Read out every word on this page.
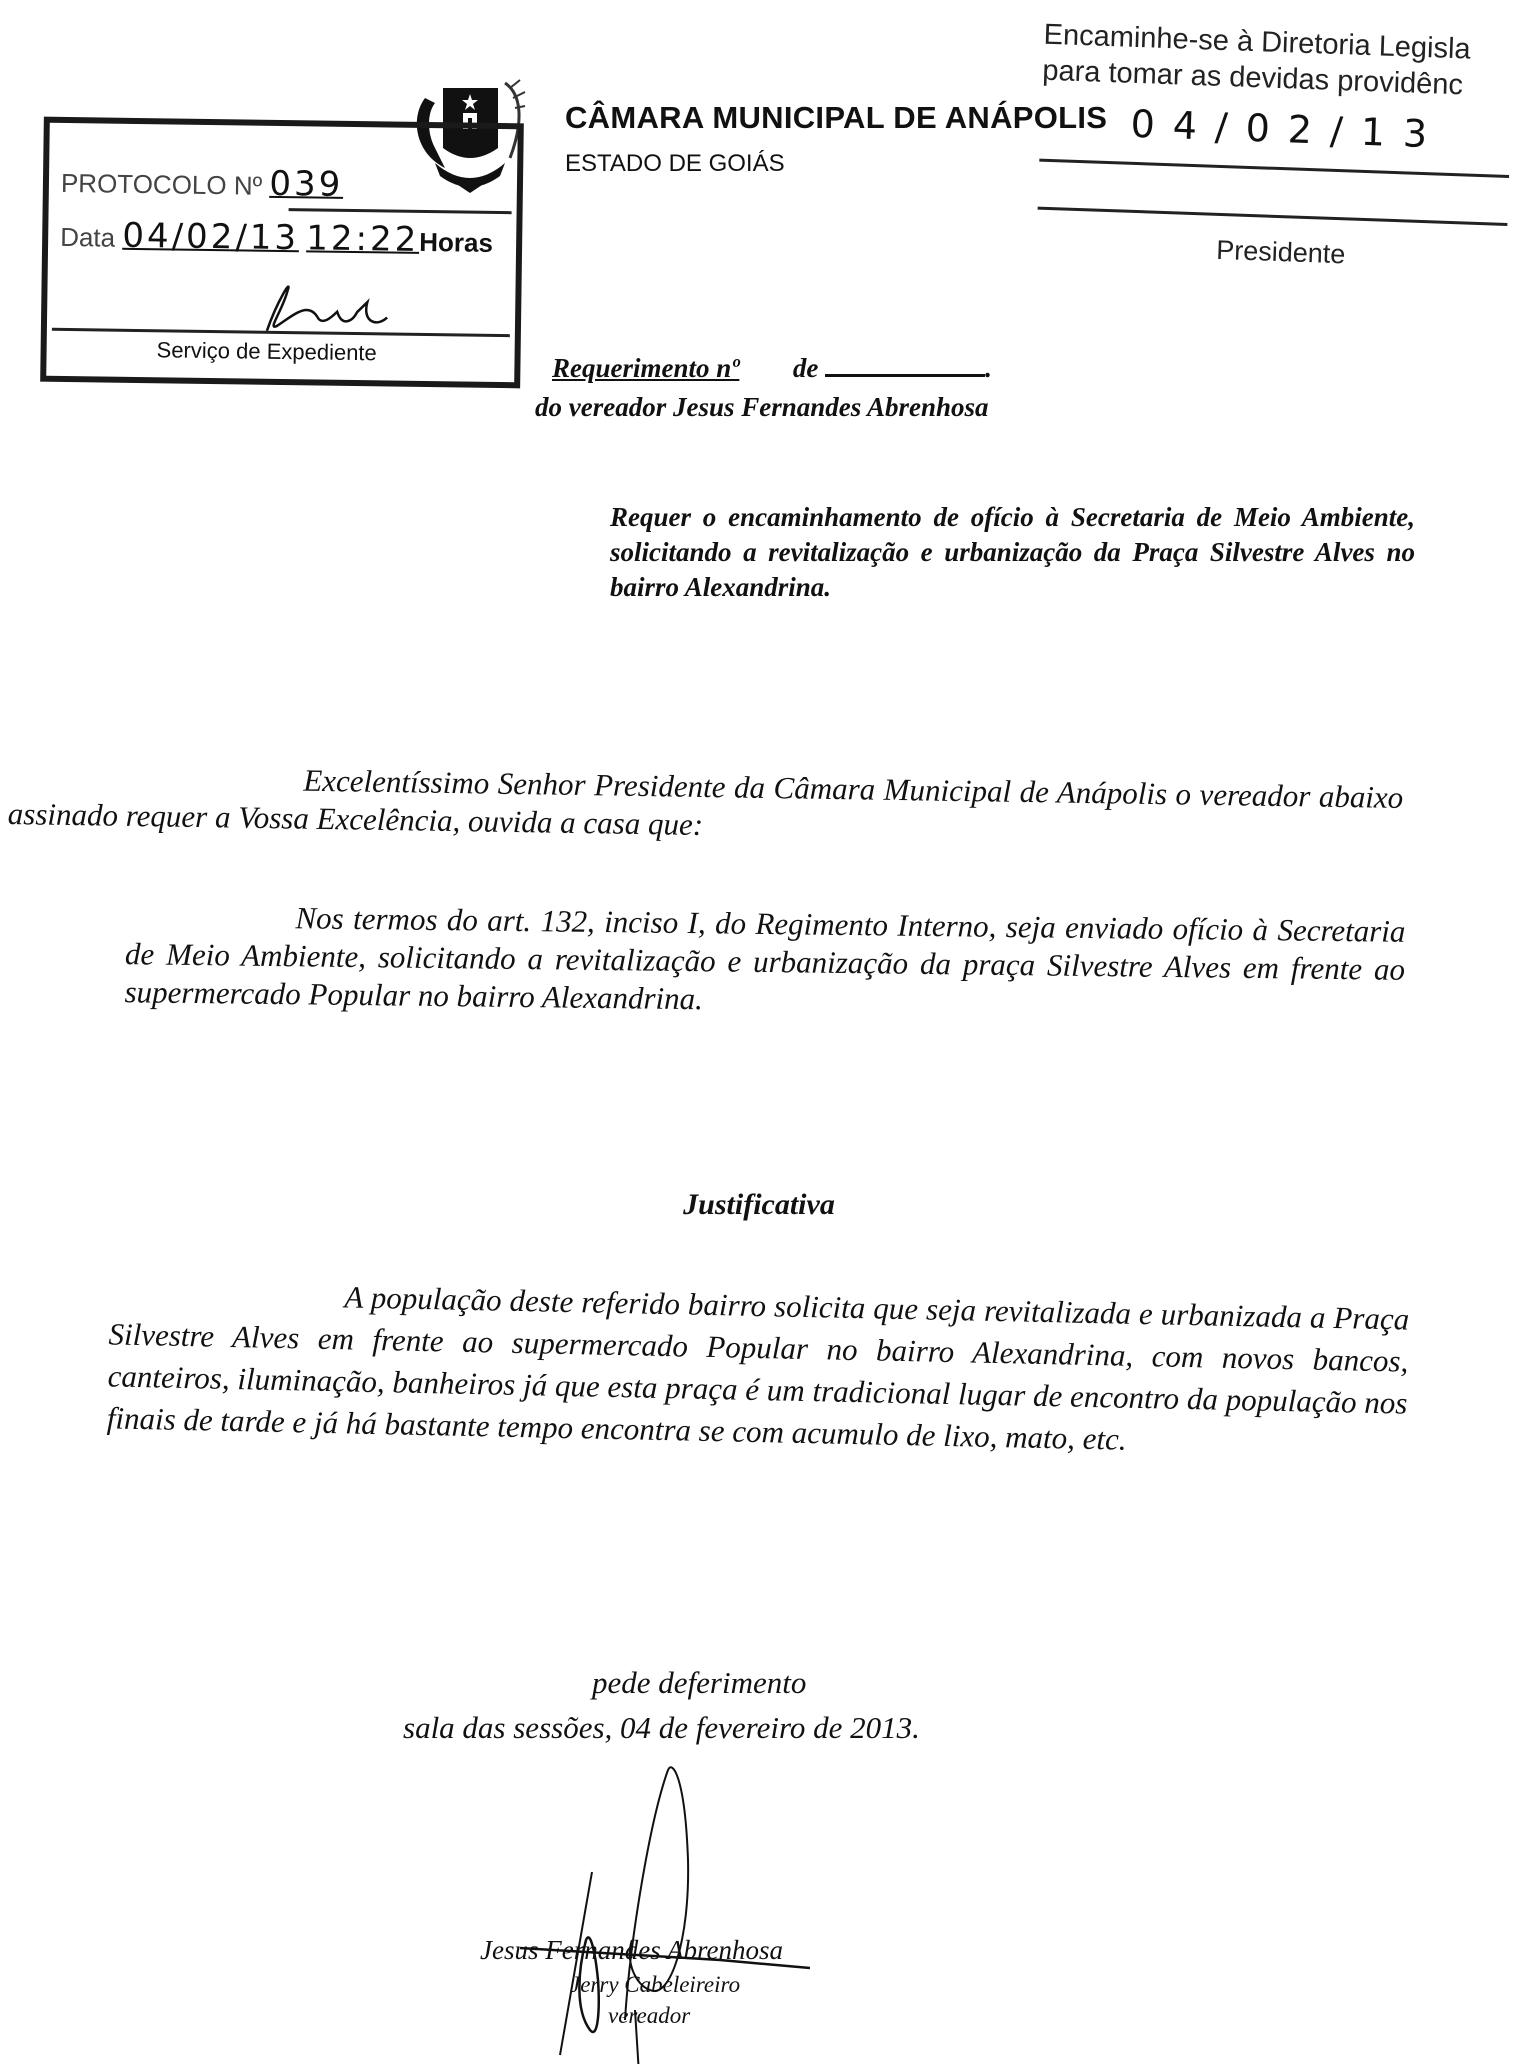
PROTOCOLO Nº 039
Data 04/02/13 12:22Horas
Serviço de Expediente
CÂMARA MUNICIPAL DE ANÁPOLIS
ESTADO DE GOIÁS
Encaminhe-se à Diretoria Legisla
para tomar as devidas providênc
04/02/13
Presidente
Requerimento nº de	.
do vereador Jesus Fernandes Abrenhosa
Requer o encaminhamento de ofício à Secretaria de Meio Ambiente, solicitando a revitalização e urbanização da Praça Silvestre Alves no bairro Alexandrina.
Excelentíssimo Senhor Presidente da Câmara Municipal de Anápolis o vereador abaixo assinado requer a Vossa Excelência, ouvida a casa que:
Nos termos do art. 132, inciso I, do Regimento Interno, seja enviado ofício à Secretaria de Meio Ambiente, solicitando a revitalização e urbanização da praça Silvestre Alves em frente ao supermercado Popular no bairro Alexandrina.
Justificativa
A população deste referido bairro solicita que seja revitalizada e urbanizada a Praça Silvestre Alves em frente ao supermercado Popular no bairro Alexandrina, com novos bancos, canteiros, iluminação, banheiros já que esta praça é um tradicional lugar de encontro da população nos finais de tarde e já há bastante tempo encontra se com acumulo de lixo, mato, etc.
pede deferimento
sala das sessões, 04 de fevereiro de 2013.
Jesus Fernandes Abrenhosa
Jerry Cabeleireiro
vereador
